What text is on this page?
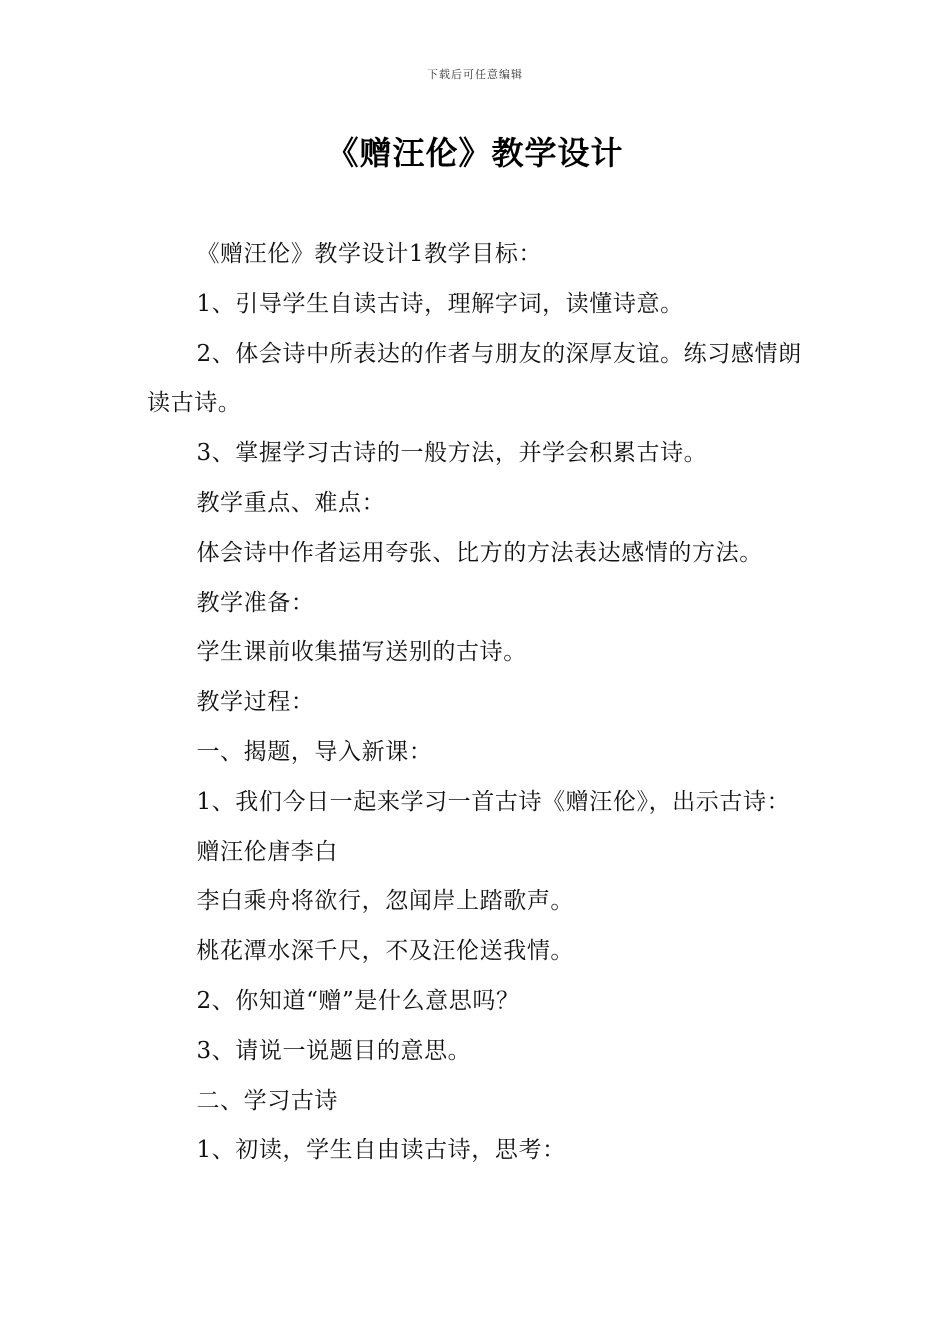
下载后可任意编辑
《赠汪伦》教学设计

《赠汪伦》教学设计1教学目标：

1、引导学生自读古诗，理解字词，读懂诗意。

2、体会诗中所表达的作者与朋友的深厚友谊。练习感情朗读古诗。

3、掌握学习古诗的一般方法，并学会积累古诗。

教学重点、难点：

体会诗中作者运用夸张、比方的方法表达感情的方法。

教学准备：

学生课前收集描写送别的古诗。

教学过程：

一、揭题，导入新课：

1、我们今日一起来学习一首古诗《赠汪伦》，出示古诗：

赠汪伦唐李白

李白乘舟将欲行，忽闻岸上踏歌声。

桃花潭水深千尺，不及汪伦送我情。

2、你知道“赠”是什么意思吗？

3、请说一说题目的意思。

二、学习古诗

1、初读，学生自由读古诗，思考：
